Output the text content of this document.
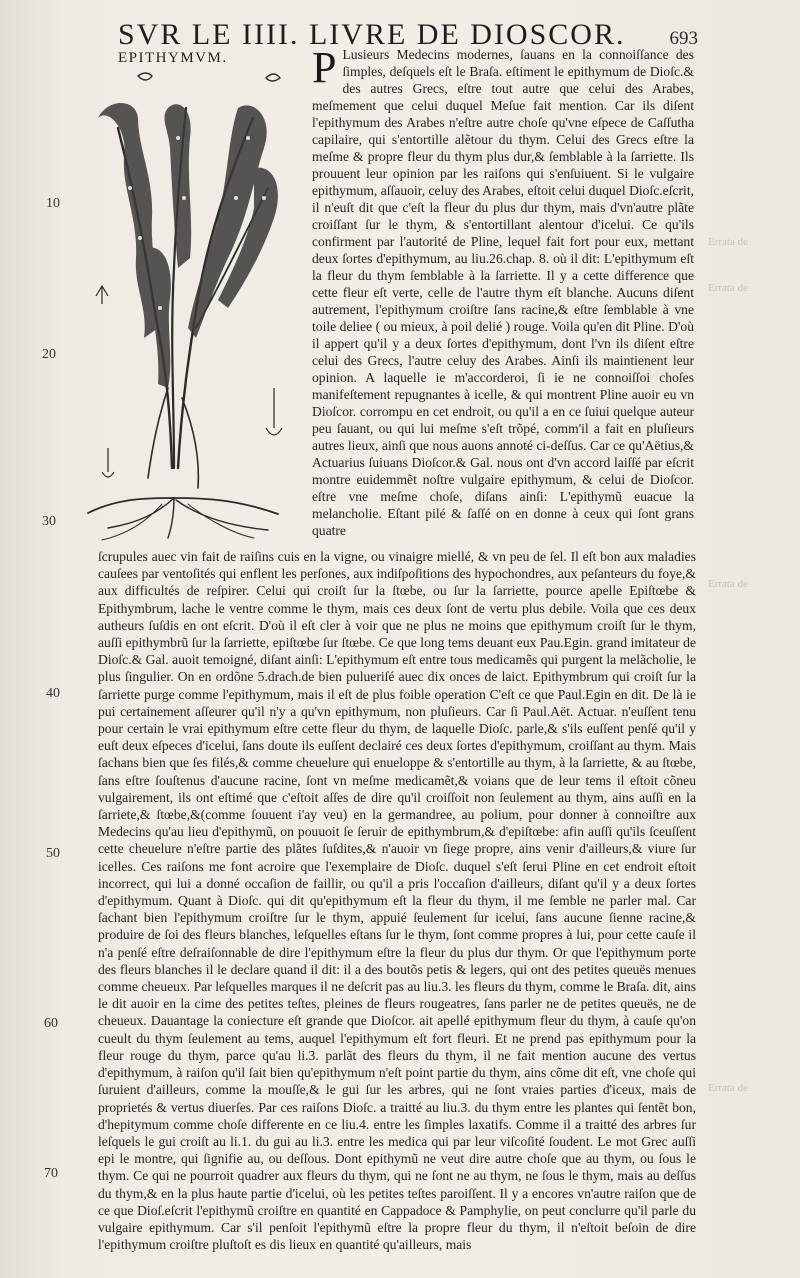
SVR LE IIII. LIVRE DE DIOSCOR. 693
EPITHYMVM. P Lusieurs Medecins modernes, ſauans en la connoiſſance des ſimples, deſquels eſt le Braſa. eſtiment le epithymum de Dioſc.& des autres Grecs, eſtre tout autre que celui des Arabes, meſmement que celui duquel Meſue fait mention. Car ils diſent l'epithymum des Arabes n'eſtre autre choſe qu'vne eſpece de Caſſutha capilaire, qui s'entortille alẽtour du thym. Celui des Grecs eſtre la meſme & propre fleur du thym plus dur,& ſemblable à la ſarriette. Ils prouuent leur opinion par les raiſons qui s'enſuiuent. Si le vulgaire epithymum, aſſauoir, celuy des Arabes, eſtoit celui duquel Dioſc.eſcrit, il n'euſt dit que c'eſt la fleur du plus dur thym, mais d'vn'autre plãte croiſſant ſur le thym, & s'entortillant alentour d'icelui. Ce qu'ils confirment par l'autorité de Pline, lequel fait fort pour eux, mettant deux ſortes d'epithymum, au liu.26.chap. 8. où il dit: L'epithymum eſt la fleur du thym ſemblable à la ſarriette. Il y a cette difference que cette fleur eſt verte, celle de l'autre thym eſt blanche. Aucuns diſent autrement, l'epithymum croiſtre ſans racine,& eſtre ſemblable à vne toile deliee ( ou mieux, à poil delié ) rouge. Voila qu'en dit Pline. D'où il appert qu'il y a deux ſortes d'epithymum, dont l'vn ils diſent eſtre celui des Grecs, l'autre celuy des Arabes. Ainſi ils maintienent leur opinion. A laquelle ie m'accorderoi, ſi ie ne connoiſſoi choſes manifeſtement repugnantes à icelle, & qui montrent Pline auoir eu vn Dioſcor. corrompu en cet endroit, ou qu'il a en ce ſuiui quelque auteur peu ſauant, ou qui lui meſme s'eſt trõpé, comm'il a fait en pluſieurs autres lieux, ainſi que nous auons annoté ci-deſſus. Car ce qu'Aëtius,& Actuarius ſuiuans Dioſcor.& Gal. nous ont d'vn accord laiſſé par eſcrit montre euidemmẽt noſtre vulgaire epithymum, & celui de Dioſcor. eſtre vne meſme choſe, diſans ainſi: L'epithymũ euacue la melancholie. Eſtant pilé & ſaſſé on en donne à ceux qui ſont grans quatre
ſcrupules auec vin fait de raiſins cuis en la vigne, ou vinaigre miellé, & vn peu de ſel. Il eſt bon aux maladies cauſees par ventoſités qui enflent les perſones, aux indiſpoſitions des hypochondres, aux peſanteurs du foye,& aux difficultés de reſpirer. Celui qui croiſt ſur la ſtœbe, ou ſur la ſarriette, pource apelle Epiſtœbe & Epithymbrum, lache le ventre comme le thym, mais ces deux ſont de vertu plus debile. Voila que ces deux autheurs ſuſdis en ont eſcrit. D'où il eſt cler à voir que ne plus ne moins que epithymum croiſt ſur le thym, auſſi epithymbrũ ſur la ſarriette, epiſtœbe ſur ſtœbe. Ce que long tems deuant eux Pau.Egin. grand imitateur de Dioſc.& Gal. auoit temoigné, diſant ainſi: L'epithymum eſt entre tous medicamẽs qui purgent la melãcholie, le plus ſingulier. On en ordõne 5.drach.de bien pulueriſé auec dix onces de laict. Epithymbrum qui croiſt ſur la ſarriette purge comme l'epithymum, mais il eſt de plus foible operation C'eſt ce que Paul.Egin en dit. De là ie pui certainement aſſeurer qu'il n'y a qu'vn epithymum, non pluſieurs. Car ſi Paul.Aët. Actuar. n'euſſent tenu pour certain le vrai epithymum eſtre cette fleur du thym, de laquelle Dioſc. parle,& s'ils euſſent penſé qu'il y euſt deux eſpeces d'icelui, ſans doute ils euſſent declairé ces deux ſortes d'epithymum, croiſſant au thym. Mais ſachans bien que ſes filés,& comme cheuelure qui enueloppe & s'entortille au thym, à la ſarriette, & au ſtœbe, ſans eſtre ſouſtenus d'aucune racine, ſont vn meſme medicamẽt,& voians que de leur tems il eſtoit cõneu vulgairement, ils ont eſtimé que c'eſtoit aſſes de dire qu'il croiſſoit non ſeulement au thym, ains auſſi en la ſarriete,& ſtœbe,&(comme ſouuent i'ay veu) en la germandree, au polium, pour donner à connoiſtre aux Medecins qu'au lieu d'epithymũ, on pouuoit ſe ſeruir de epithymbrum,& d'epiſtœbe: afin auſſi qu'ils ſceuſſent cette cheuelure n'eſtre partie des plãtes ſuſdites,& n'auoir vn ſiege propre, ains venir d'ailleurs,& viure ſur icelles. Ces raiſons me font acroire que l'exemplaire de Dioſc. duquel s'eſt ſerui Pline en cet endroit eſtoit incorrect, qui lui a donné occaſion de faillir, ou qu'il a pris l'occaſion d'ailleurs, diſant qu'il y a deux ſortes d'epithymum. Quant à Dioſc. qui dit qu'epithymum eſt la fleur du thym, il me ſemble ne parler mal. Car ſachant bien l'epithymum croiſtre ſur le thym, appuié ſeulement ſur icelui, ſans aucune ſienne racine,& produire de ſoi des fleurs blanches, leſquelles eſtans ſur le thym, ſont comme propres à lui, pour cette cauſe il n'a penſé eſtre deſraiſonnable de dire l'epithymum eſtre la fleur du plus dur thym. Or que l'epithymum porte des fleurs blanches il le declare quand il dit: il a des boutõs petis & legers, qui ont des petites queuës menues comme cheueux. Par leſquelles marques il ne deſcrit pas au liu.3. les fleurs du thym, comme le Braſa. dit, ains le dit auoir en la cime des petites teſtes, pleines de fleurs rougeatres, ſans parler ne de petites queuës, ne de cheueux. Dauantage la coniecture eſt grande que Dioſcor. ait apellé epithymum fleur du thym, à cauſe qu'on cueult du thym ſeulement au tems, auquel l'epithymum eſt fort fleuri. Et ne prend pas epithymum pour la fleur rouge du thym, parce qu'au li.3. parlãt des fleurs du thym, il ne fait mention aucune des vertus d'epithymum, à raiſon qu'il ſait bien qu'epithymum n'eſt point partie du thym, ains cõme dit eſt, vne choſe qui ſuruient d'ailleurs, comme la mouſſe,& le gui ſur les arbres, qui ne ſont vraies parties d'iceux, mais de proprietés & vertus diuerſes. Par ces raiſons Dioſc. a traitté au liu.3. du thym entre les plantes qui ſentẽt bon, d'hepitymum comme choſe differente en ce liu.4. entre les ſimples laxatifs. Comme il a traitté des arbres ſur leſquels le gui croiſt au li.1. du gui au li.3. entre les medica qui par leur viſcoſité ſoudent. Le mot Grec auſſi epi le montre, qui ſignifie au, ou deſſous. Dont epithymũ ne veut dire autre choſe que au thym, ou ſous le thym. Ce qui ne pourroit quadrer aux fleurs du thym, qui ne ſont ne au thym, ne ſous le thym, mais au deſſus du thym,& en la plus haute partie d'icelui, où les petites teſtes paroiſſent. Il y a encores vn'autre raiſon que de ce que Dioſ.eſcrit l'epithymũ croiſtre en quantité en Cappadoce & Pamphylie, on peut conclurre qu'il parle du vulgaire epithymum. Car s'il penſoit l'epithymũ eſtre la propre fleur du thym, il n'eſtoit beſoin de dire l'epithymum croiſtre pluſtoſt es dis lieux en quantité qu'ailleurs, mais
10
20
30
40
50
60
70
Errata de
Errata de
Errata de
Errata de
